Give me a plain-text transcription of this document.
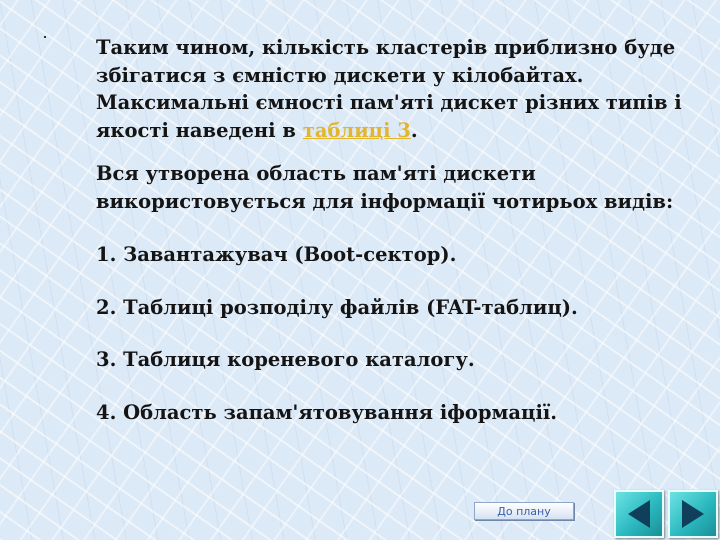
Таким чином, кількість кластерів приблизно буде збігатися з ємністю дискети у кілобайтах. Максимальні ємності пам'яті дискет різних типів і якості наведені в таблиці 3.

Вся утворена область пам'яті дискети використовується для інформації чотирьох видів:

1. Завантажувач (Boot-сектор).

2. Таблиці розподілу файлів (FAT-таблиц).

3. Таблиця кореневого каталогу.

4. Область запам'ятовування іформації.

До плану
